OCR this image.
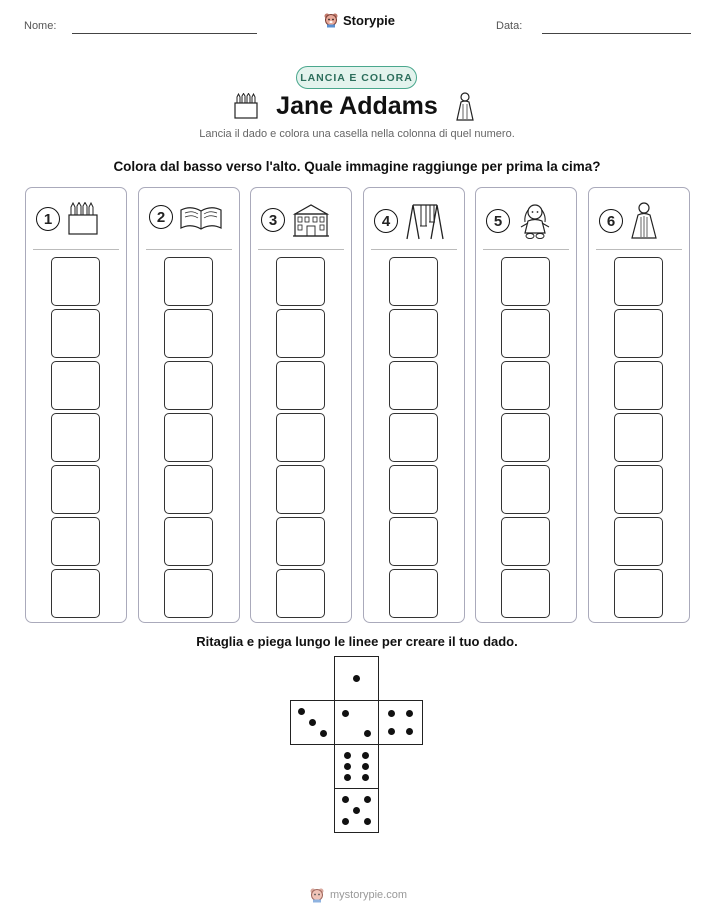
Nome:	Storypie	Data:
LANCIA E COLORA
Jane Addams
Lancia il dado e colora una casella nella colonna di quel numero.
Colora dal basso verso l'alto. Quale immagine raggiunge per prima la cima?
1	2	3	4	5	6
Ritaglia e piega lungo le linee per creare il tuo dado.
mystorypie.com
